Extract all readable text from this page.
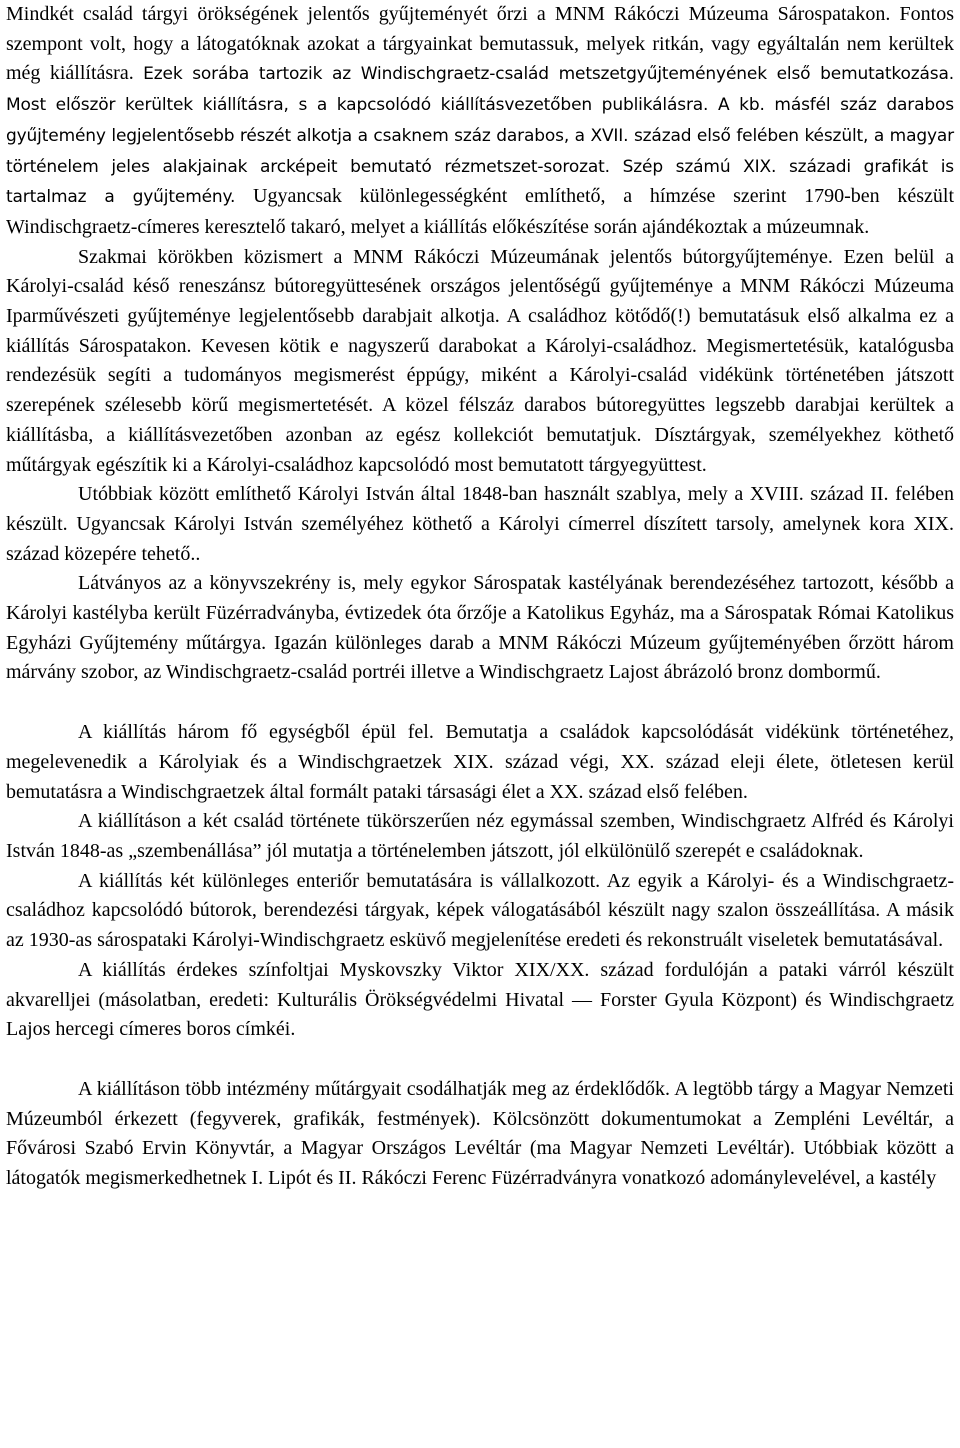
Mindkét család tárgyi örökségének jelentős gyűjteményét őrzi a MNM Rákóczi Múzeuma Sárospatakon. Fontos szempont volt, hogy a látogatóknak azokat a tárgyainkat bemutassuk, melyek ritkán, vagy egyáltalán nem kerültek még kiállításra. Ezek sorába tartozik az Windischgraetz-család metszetgyűjteményének első bemutatkozása. Most először kerültek kiállításra, s a kapcsolódó kiállításvezetőben publikálásra. A kb. másfél száz darabos gyűjtemény legjelentősebb részét alkotja a csaknem száz darabos, a XVII. század első felében készült, a magyar történelem jeles alakjainak arcképeit bemutató rézmetszet-sorozat. Szép számú XIX. századi grafikát is tartalmaz a gyűjtemény. Ugyancsak különlegességként említhető, a hímzése szerint 1790-ben készült Windischgraetz-címeres keresztelő takaró, melyet a kiállítás előkészítése során ajándékoztak a múzeumnak.

Szakmai körökben közismert a MNM Rákóczi Múzeumának jelentős bútorgyűjteménye. Ezen belül a Károlyi-család késő reneszánsz bútoregyüttesének országos jelentőségű gyűjteménye a MNM Rákóczi Múzeuma Iparművészeti gyűjteménye legjelentősebb darabjait alkotja. A családhoz kötődő(!) bemutatásuk első alkalma ez a kiállítás Sárospatakon. Kevesen kötik e nagyszerű darabokat a Károlyi-családhoz. Megismertetésük, katalógusba rendezésük segíti a tudományos megismerést éppúgy, miként a Károlyi-család vidékünk történetében játszott szerepének szélesebb körű megismertetését. A közel félszáz darabos bútoregyüttes legszebb darabjai kerültek a kiállításba, a kiállításvezetőben azonban az egész kollekciót bemutatjuk. Dísztárgyak, személyekhez köthető műtárgyak egészítik ki a Károlyi-családhoz kapcsolódó most bemutatott tárgyegyüttest.

Utóbbiak között említhető Károlyi István által 1848-ban használt szablya, mely a XVIII. század II. felében készült. Ugyancsak Károlyi István személyéhez köthető a Károlyi címerrel díszített tarsoly, amelynek kora XIX. század közepére tehető..

Látványos az a könyvszekrény is, mely egykor Sárospatak kastélyának berendezéséhez tartozott, később a Károlyi kastélyba került Füzérradványba, évtizedek óta őrzője a Katolikus Egyház, ma a Sárospatak Római Katolikus Egyházi Gyűjtemény műtárgya. Igazán különleges darab a MNM Rákóczi Múzeum gyűjteményében őrzött három márvány szobor, az Windischgraetz-család portréi illetve a Windischgraetz Lajost ábrázoló bronz dombormű.

A kiállítás három fő egységből épül fel. Bemutatja a családok kapcsolódását vidékünk történetéhez, megelevenedik a Károlyiak és a Windischgraetzek XIX. század végi, XX. század eleji élete, ötletesen kerül bemutatásra a Windischgraetzek által formált pataki társasági élet a XX. század első felében.

A kiállításon a két család története tükörszerűen néz egymással szemben, Windischgraetz Alfréd és Károlyi István 1848-as „szembenállása” jól mutatja a történelemben játszott, jól elkülönülő szerepét e családoknak.

A kiállítás két különleges enteriőr bemutatására is vállalkozott. Az egyik a Károlyi- és a Windischgraetz-családhoz kapcsolódó bútorok, berendezési tárgyak, képek válogatásából készült nagy szalon összeállítása. A másik az 1930-as sárospataki Károlyi-Windischgraetz esküvő megjelenítése eredeti és rekonstruált viseletek bemutatásával.

A kiállítás érdekes színfoltjai Myskovszky Viktor XIX/XX. század fordulóján a pataki várról készült akvarelljei (másolatban, eredeti: Kulturális Örökségvédelmi Hivatal — Forster Gyula Központ) és Windischgraetz Lajos hercegi címeres boros címkéi.

A kiállításon több intézmény műtárgyait csodálhatják meg az érdeklődők. A legtöbb tárgy a Magyar Nemzeti Múzeumból érkezett (fegyverek, grafikák, festmények). Kölcsönzött dokumentumokat a Zempléni Levéltár, a Fővárosi Szabó Ervin Könyvtár, a Magyar Országos Levéltár (ma Magyar Nemzeti Levéltár). Utóbbiak között a látogatók megismerkedhetnek I. Lipót és II. Rákóczi Ferenc Füzérradványra vonatkozó adománylevelével, a kastély
